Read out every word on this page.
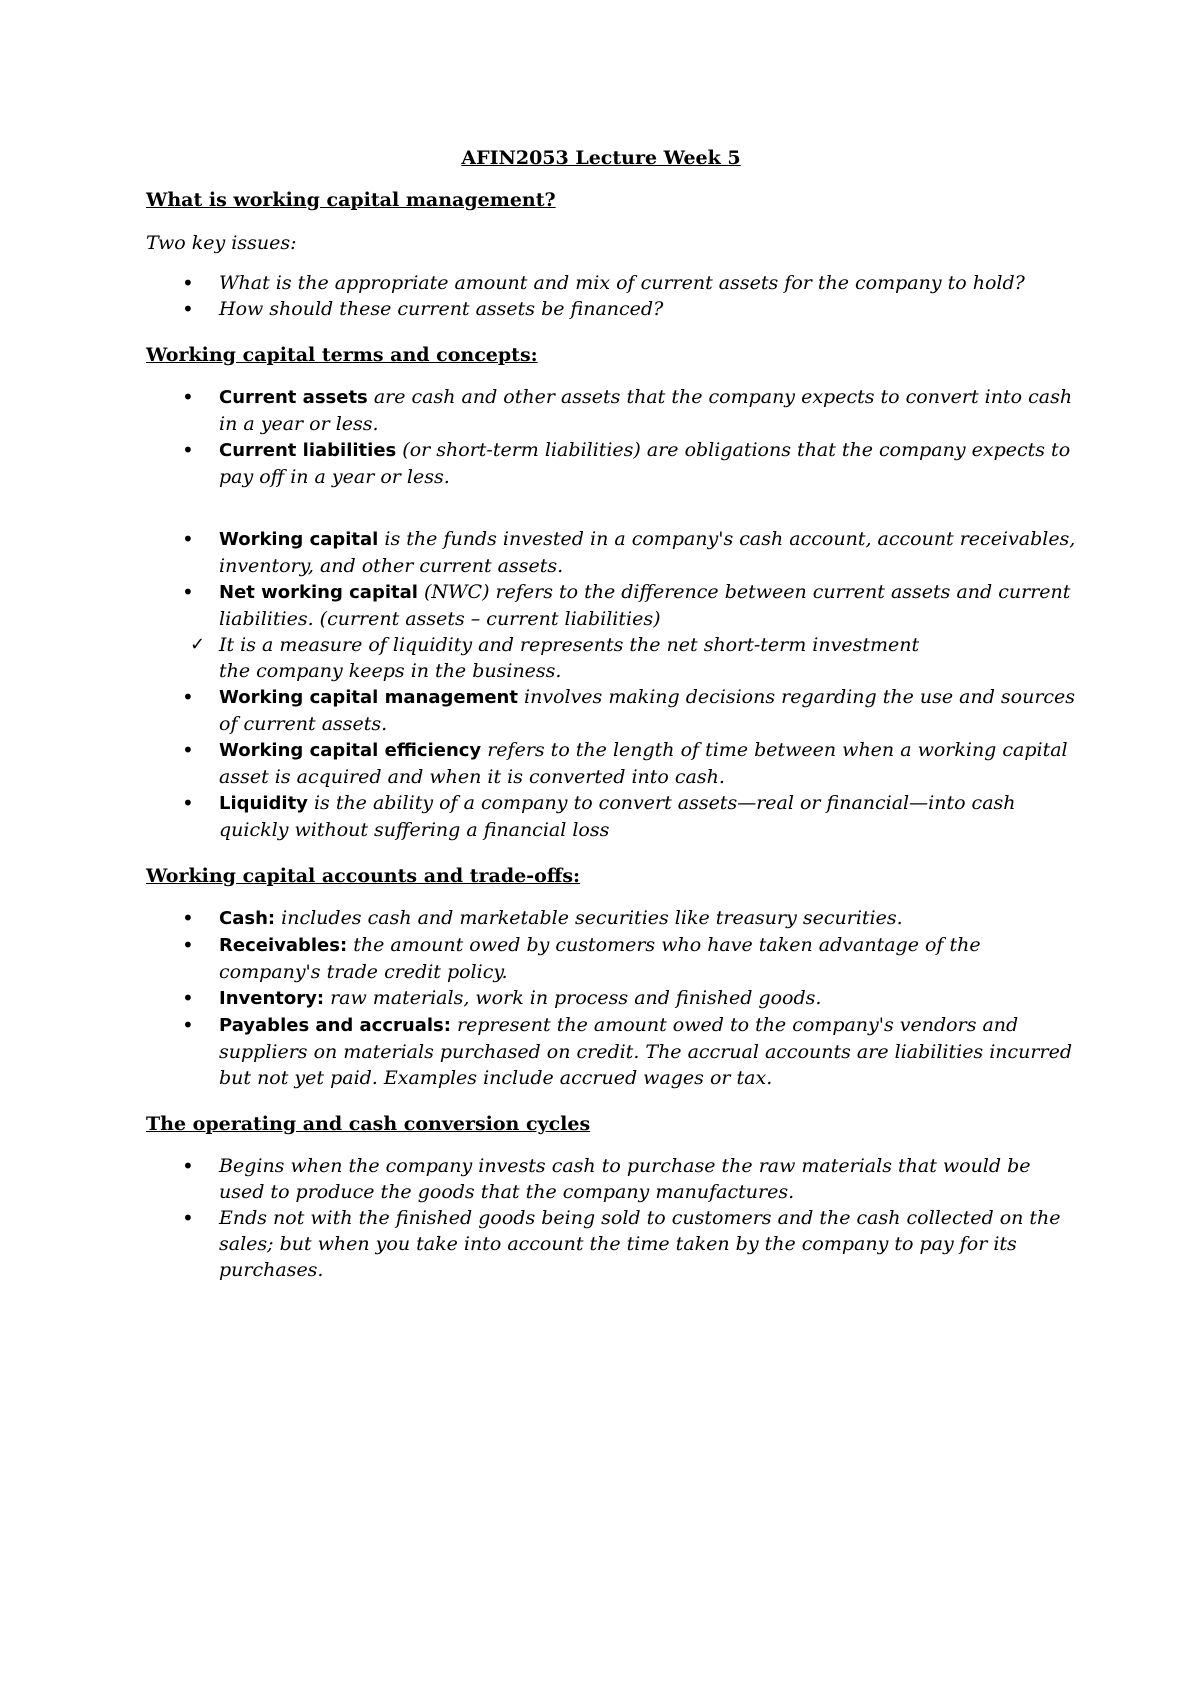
AFIN2053 Lecture Week 5
What is working capital management?

Two key issues:

• What is the appropriate amount and mix of current assets for the company to hold?
• How should these current assets be financed?
Working capital terms and concepts:
• Current assets are cash and other assets that the company expects to convert into cash in a year or less.
• Current liabilities (or short-term liabilities) are obligations that the company expects to pay off in a year or less.
• Working capital is the funds invested in a company's cash account, account receivables, inventory, and other current assets.
• Net working capital (NWC) refers to the difference between current assets and current liabilities. (current assets – current liabilities)
✓ It is a measure of liquidity and represents the net short-term investment the company keeps in the business.
• Working capital management involves making decisions regarding the use and sources of current assets.
• Working capital efficiency refers to the length of time between when a working capital asset is acquired and when it is converted into cash.
• Liquidity is the ability of a company to convert assets—real or financial—into cash quickly without suffering a financial loss
Working capital accounts and trade-offs:
• Cash: includes cash and marketable securities like treasury securities.
• Receivables: the amount owed by customers who have taken advantage of the company's trade credit policy.
• Inventory: raw materials, work in process and finished goods.
• Payables and accruals: represent the amount owed to the company's vendors and suppliers on materials purchased on credit. The accrual accounts are liabilities incurred but not yet paid. Examples include accrued wages or tax.
The operating and cash conversion cycles
• Begins when the company invests cash to purchase the raw materials that would be used to produce the goods that the company manufactures.
• Ends not with the finished goods being sold to customers and the cash collected on the sales; but when you take into account the time taken by the company to pay for its purchases.
